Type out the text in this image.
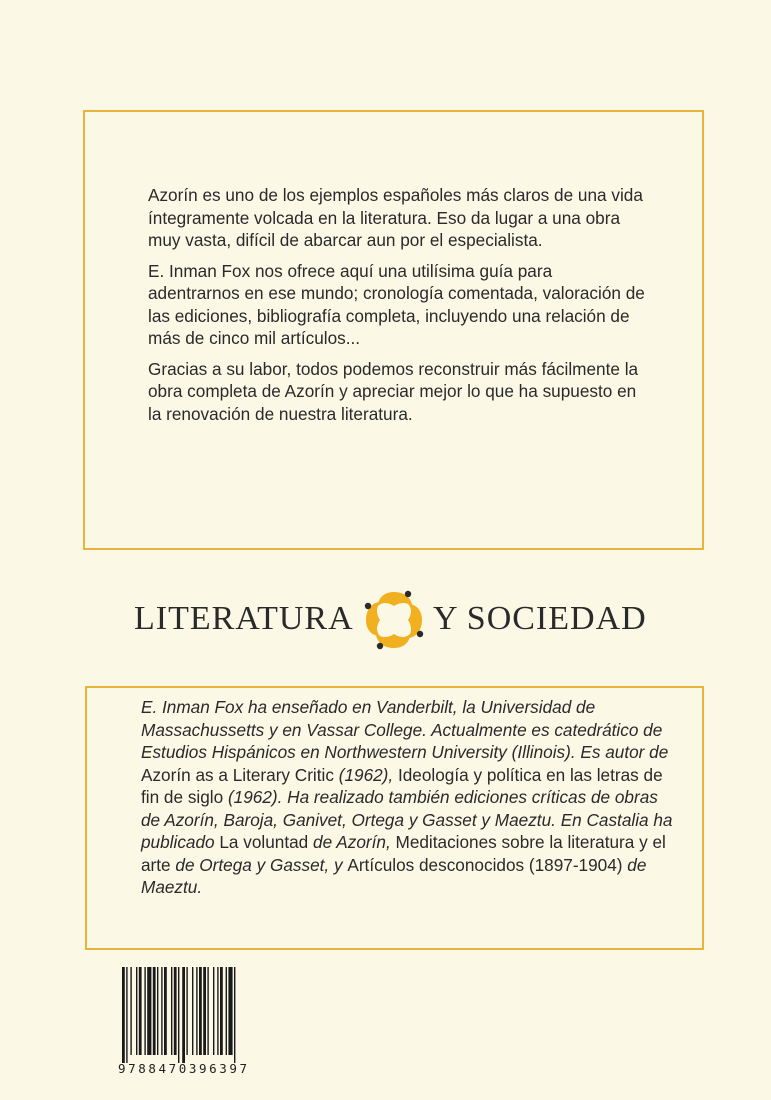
Azorín es uno de los ejemplos españoles más claros de una vida íntegramente volcada en la literatura. Eso da lugar a una obra muy vasta, difícil de abarcar aun por el especialista.

E. Inman Fox nos ofrece aquí una utilísima guía para adentrarnos en ese mundo; cronología comentada, valoración de las ediciones, bibliografía completa, incluyendo una relación de más de cinco mil artículos...

Gracias a su labor, todos podemos reconstruir más fácilmente la obra completa de Azorín y apreciar mejor lo que ha supuesto en la renovación de nuestra literatura.

LITERATURA Y SOCIEDAD
E. Inman Fox ha enseñado en Vanderbilt, la Universidad de Massachussetts y en Vassar College. Actualmente es catedrático de Estudios Hispánicos en Northwestern University (Illinois). Es autor de Azorín as a Literary Critic (1962), Ideología y política en las letras de fin de siglo (1962). Ha realizado también ediciones críticas de obras de Azorín, Baroja, Ganivet, Ortega y Gasset y Maeztu. En Castalia ha publicado La voluntad de Azorín, Meditaciones sobre la literatura y el arte de Ortega y Gasset, y Artículos desconocidos (1897-1904) de Maeztu.
9788470396397
